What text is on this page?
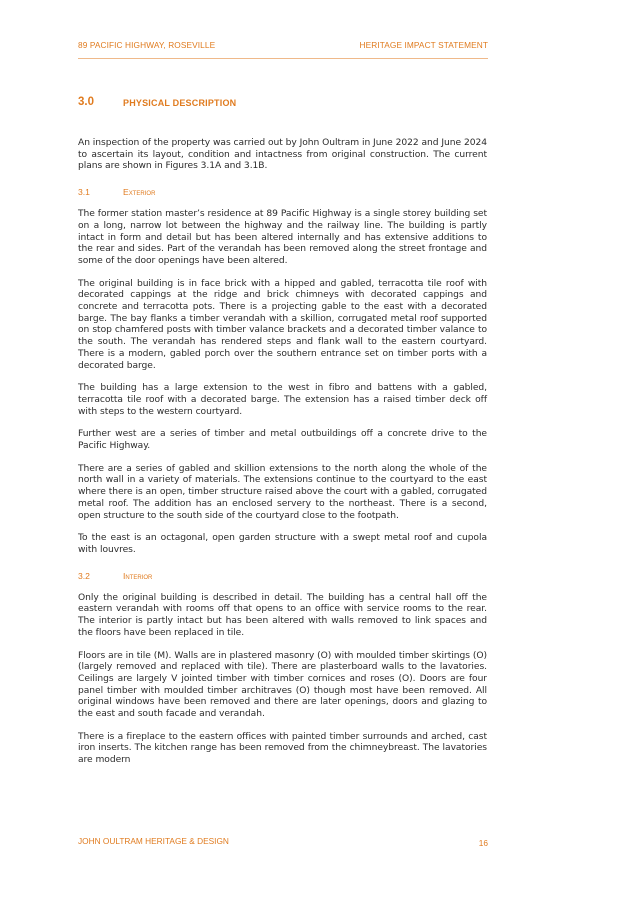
89 PACIFIC HIGHWAY, ROSEVILLE	HERITAGE IMPACT STATEMENT
3.0	PHYSICAL DESCRIPTION

An inspection of the property was carried out by John Oultram in June 2022 and June 2024 to ascertain its layout, condition and intactness from original construction. The current plans are shown in Figures 3.1A and 3.1B.

3.1	Exterior

The former station master’s residence at 89 Pacific Highway is a single storey building set on a long, narrow lot between the highway and the railway line. The building is partly intact in form and detail but has been altered internally and has extensive additions to the rear and sides. Part of the verandah has been removed along the street frontage and some of the door openings have been altered.

The original building is in face brick with a hipped and gabled, terracotta tile roof with decorated cappings at the ridge and brick chimneys with decorated cappings and concrete and terracotta pots. There is a projecting gable to the east with a decorated barge. The bay flanks a timber verandah with a skillion, corrugated metal roof supported on stop chamfered posts with timber valance brackets and a decorated timber valance to the south. The verandah has rendered steps and flank wall to the eastern courtyard. There is a modern, gabled porch over the southern entrance set on timber ports with a decorated barge.

The building has a large extension to the west in fibro and battens with a gabled, terracotta tile roof with a decorated barge. The extension has a raised timber deck off with steps to the western courtyard.

Further west are a series of timber and metal outbuildings off a concrete drive to the Pacific Highway.

There are a series of gabled and skillion extensions to the north along the whole of the north wall in a variety of materials. The extensions continue to the courtyard to the east where there is an open, timber structure raised above the court with a gabled, corrugated metal roof. The addition has an enclosed servery to the northeast. There is a second, open structure to the south side of the courtyard close to the footpath.

To the east is an octagonal, open garden structure with a swept metal roof and cupola with louvres.

3.2	Interior

Only the original building is described in detail. The building has a central hall off the eastern verandah with rooms off that opens to an office with service rooms to the rear. The interior is partly intact but has been altered with walls removed to link spaces and the floors have been replaced in tile.

Floors are in tile (M). Walls are in plastered masonry (O) with moulded timber skirtings (O) (largely removed and replaced with tile). There are plasterboard walls to the lavatories. Ceilings are largely V jointed timber with timber cornices and roses (O). Doors are four panel timber with moulded timber architraves (O) though most have been removed. All original windows have been removed and there are later openings, doors and glazing to the east and south facade and verandah.

There is a fireplace to the eastern offices with painted timber surrounds and arched, cast iron inserts. The kitchen range has been removed from the chimneybreast. The lavatories are modern

JOHN OULTRAM HERITAGE & DESIGN	16
